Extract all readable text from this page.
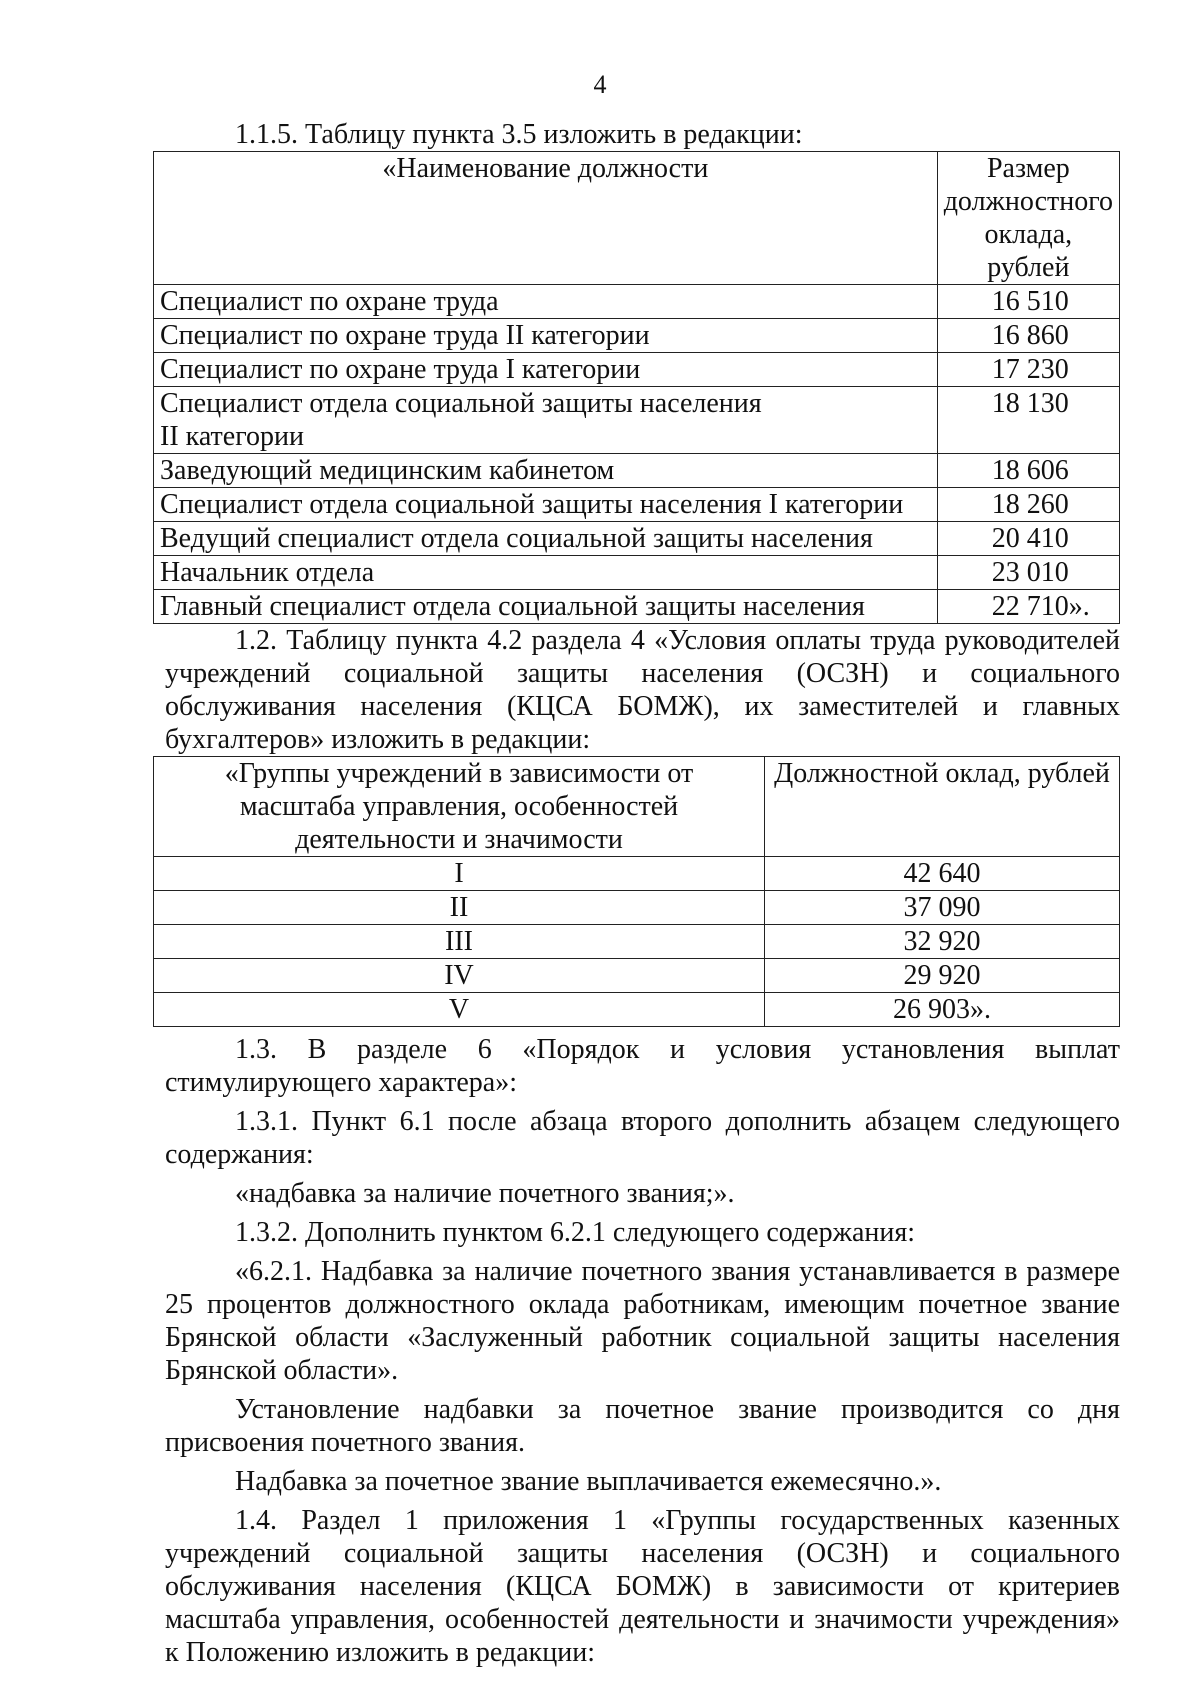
4

1.1.5. Таблицу пункта 3.5 изложить в редакции:

«Наименование должности	Размер должностного оклада, рублей
Специалист по охране труда	16 510
Специалист по охране труда II категории	16 860
Специалист по охране труда I категории	17 230
Специалист отдела социальной защиты населения II категории	18 130
Заведующий медицинским кабинетом	18 606
Специалист отдела социальной защиты населения I категории	18 260
Ведущий специалист отдела социальной защиты населения	20 410
Начальник отдела	23 010
Главный специалист отдела социальной защиты населения	22 710».

1.2. Таблицу пункта 4.2 раздела 4 «Условия оплаты труда руководителей учреждений социальной защиты населения (ОСЗН) и социального обслуживания населения (КЦСА БОМЖ), их заместителей и главных бухгалтеров» изложить в редакции:

«Группы учреждений в зависимости от масштаба управления, особенностей деятельности и значимости	Должностной оклад, рублей
I	42 640
II	37 090
III	32 920
IV	29 920
V	26 903».

1.3. В разделе 6 «Порядок и условия установления выплат стимулирующего характера»:

1.3.1. Пункт 6.1 после абзаца второго дополнить абзацем следующего содержания:

«надбавка за наличие почетного звания;».

1.3.2. Дополнить пунктом 6.2.1 следующего содержания:

«6.2.1. Надбавка за наличие почетного звания устанавливается в размере 25 процентов должностного оклада работникам, имеющим почетное звание Брянской области «Заслуженный работник социальной защиты населения Брянской области».

Установление надбавки за почетное звание производится со дня присвоения почетного звания.

Надбавка за почетное звание выплачивается ежемесячно.».

1.4. Раздел 1 приложения 1 «Группы государственных казенных учреждений социальной защиты населения (ОСЗН) и социального обслуживания населения (КЦСА БОМЖ) в зависимости от критериев масштаба управления, особенностей деятельности и значимости учреждения» к Положению изложить в редакции:
